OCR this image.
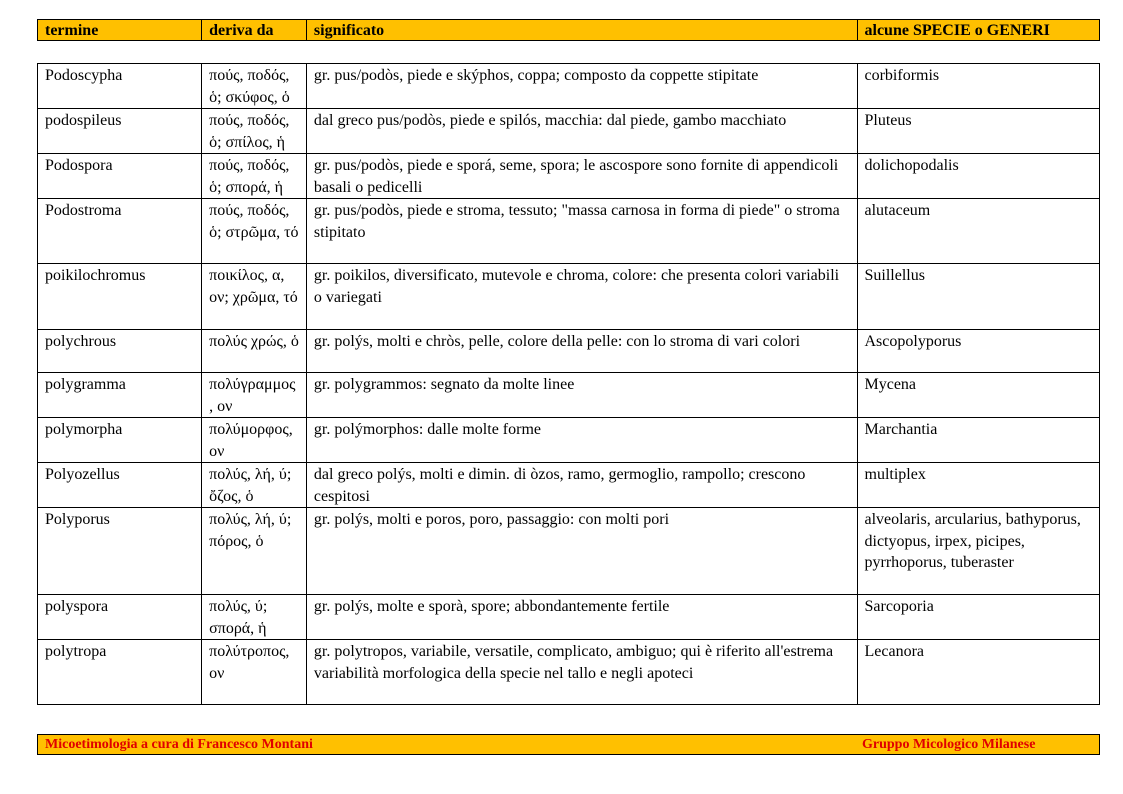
termine	deriva da	significato	alcune SPECIE o GENERI
Podoscypha	πούς, ποδός, ὁ; σκύφος, ὁ	gr. pus/podòs, piede e skýphos, coppa; composto da coppette stipitate	corbiformis
podospileus	πούς, ποδός, ὁ; σπίλος, ἡ	dal greco pus/podòs, piede e spilós, macchia: dal piede, gambo macchiato	Pluteus
Podospora	πούς, ποδός, ὁ; σπορά, ἡ	gr. pus/podòs, piede e sporá, seme, spora; le ascospore sono fornite di appendicoli basali o pedicelli	dolichopodalis
Podostroma	πούς, ποδός, ὁ; στρῶμα, τό	gr. pus/podòs, piede e stroma, tessuto; "massa carnosa in forma di piede" o stroma stipitato	alutaceum
poikilochromus	ποικίλος, α, ον; χρῶμα, τό	gr. poikilos, diversificato, mutevole e chroma, colore: che presenta colori variabili o variegati	Suillellus
polychrous	πολύς χρώς, ὁ	gr. polýs, molti e chròs, pelle, colore della pelle: con lo stroma di vari colori	Ascopolyporus
polygramma	πολύγραμμος, ον	gr. polygrammos: segnato da molte linee	Mycena
polymorpha	πολύμορφος, ον	gr. polýmorphos: dalle molte forme	Marchantia
Polyozellus	πολύς, λή, ύ; ὄζος, ὁ	dal greco polýs, molti e dimin. di òzos, ramo, germoglio, rampollo; crescono cespitosi	multiplex
Polyporus	πολύς, λή, ύ; πόρος, ὁ	gr. polýs, molti e poros, poro, passaggio: con molti pori	alveolaris, arcularius, bathyporus, dictyopus, irpex, picipes, pyrrhoporus, tuberaster
polyspora	πολύς, ύ; σπορά, ἡ	gr. polýs, molte e sporà, spore; abbondantemente fertile	Sarcoporia
polytropa	πολύτροπος, ον	gr. polytropos, variabile, versatile, complicato, ambiguo; qui è riferito all'estrema variabilità morfologica della specie nel tallo e negli apoteci	Lecanora
Micoetimologia a cura di Francesco Montani	Gruppo Micologico Milanese
